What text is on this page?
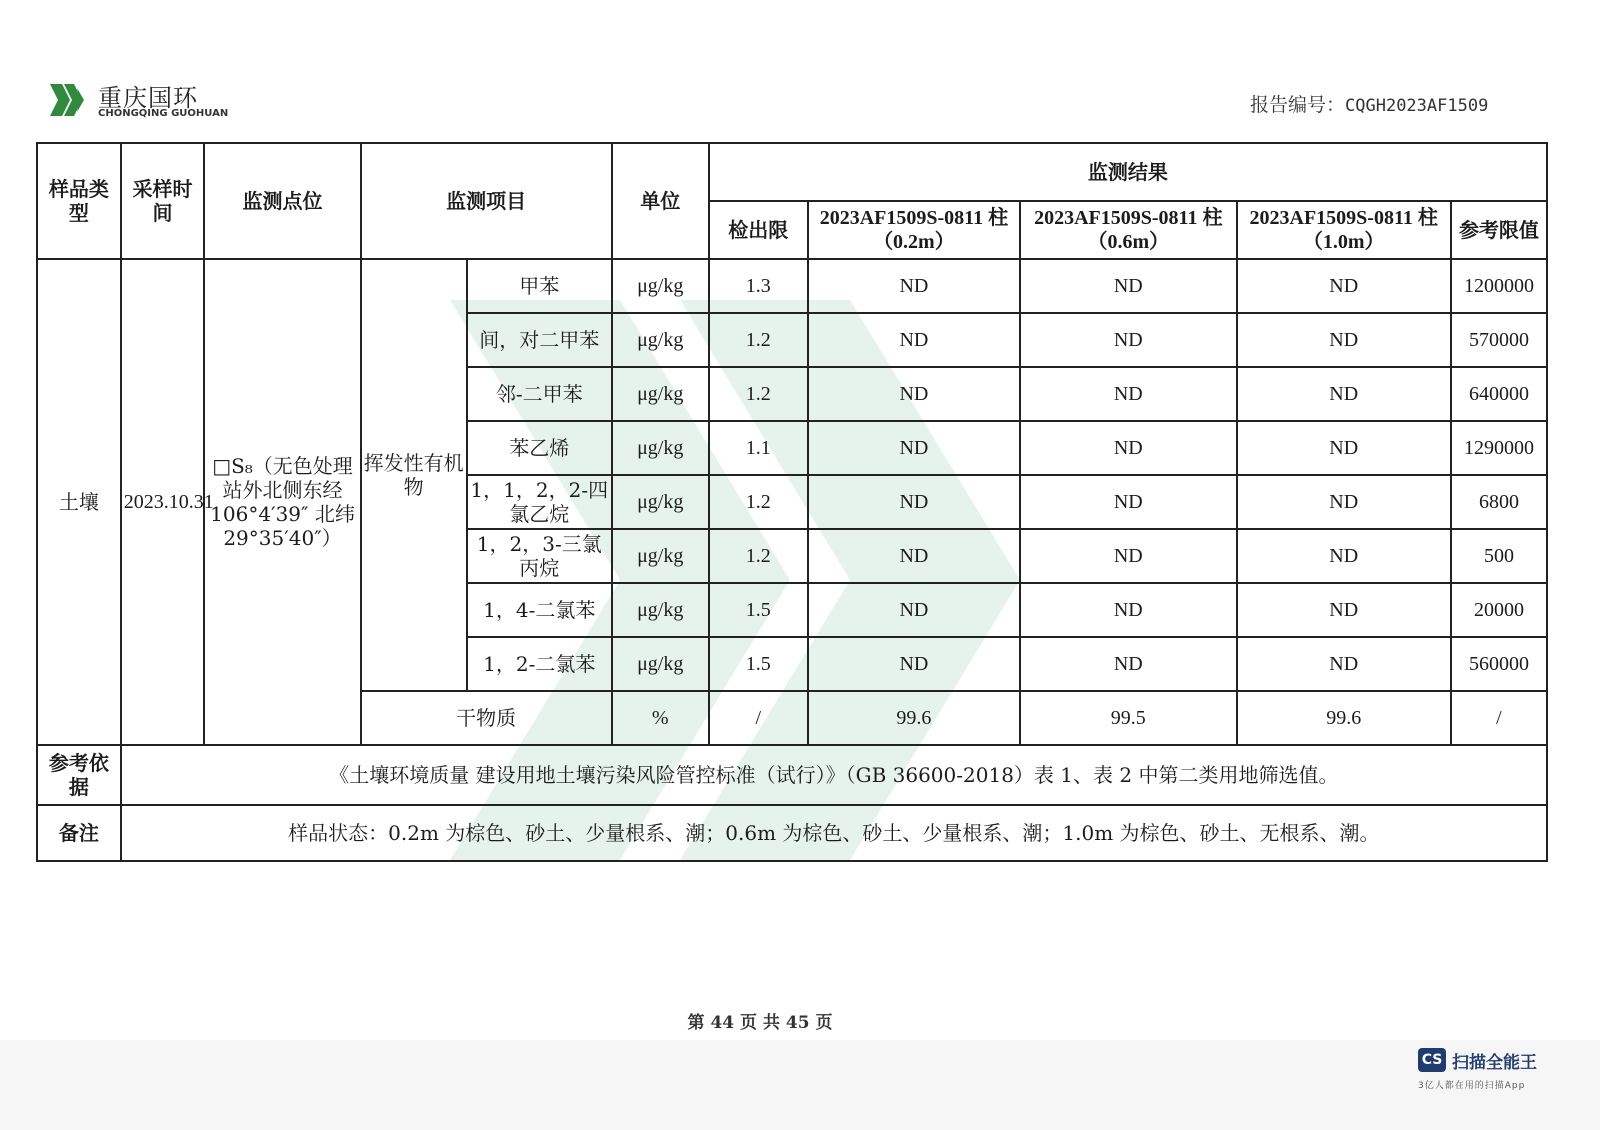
重庆国环
CHONGQING GUOHUAN	报告编号：CQGH2023AF1509
样品类型	采样时间	监测点位	监测项目		单位	监测结果				
						检出限	2023AF1509S-0811 柱（0.2m）	2023AF1509S-0811 柱（0.6m）	2023AF1509S-0811 柱（1.0m）	参考限值
土壤	2023.10.31	□S₈（无色处理站外北侧东经106°4′39″ 北纬 29°35′40″）	挥发性有机物	甲苯	μg/kg	1.3	ND	ND	ND	1200000
				间，对二甲苯	μg/kg	1.2	ND	ND	ND	570000
				邻-二甲苯	μg/kg	1.2	ND	ND	ND	640000
				苯乙烯	μg/kg	1.1	ND	ND	ND	1290000
				1，1，2，2-四氯乙烷	μg/kg	1.2	ND	ND	ND	6800
				1，2，3-三氯丙烷	μg/kg	1.2	ND	ND	ND	500
				1，4-二氯苯	μg/kg	1.5	ND	ND	ND	20000
				1，2-二氯苯	μg/kg	1.5	ND	ND	ND	560000
			干物质		%	/	99.6	99.5	99.6	/
参考依据	《土壤环境质量 建设用地土壤污染风险管控标准（试行）》（GB 36600-2018）表 1、表 2 中第二类用地筛选值。									
备注	样品状态：0.2m 为棕色、砂土、少量根系、潮；0.6m 为棕色、砂土、少量根系、潮；1.0m 为棕色、砂土、无根系、潮。									
第 44 页 共 45 页
CS 扫描全能王
3亿人都在用的扫描App
